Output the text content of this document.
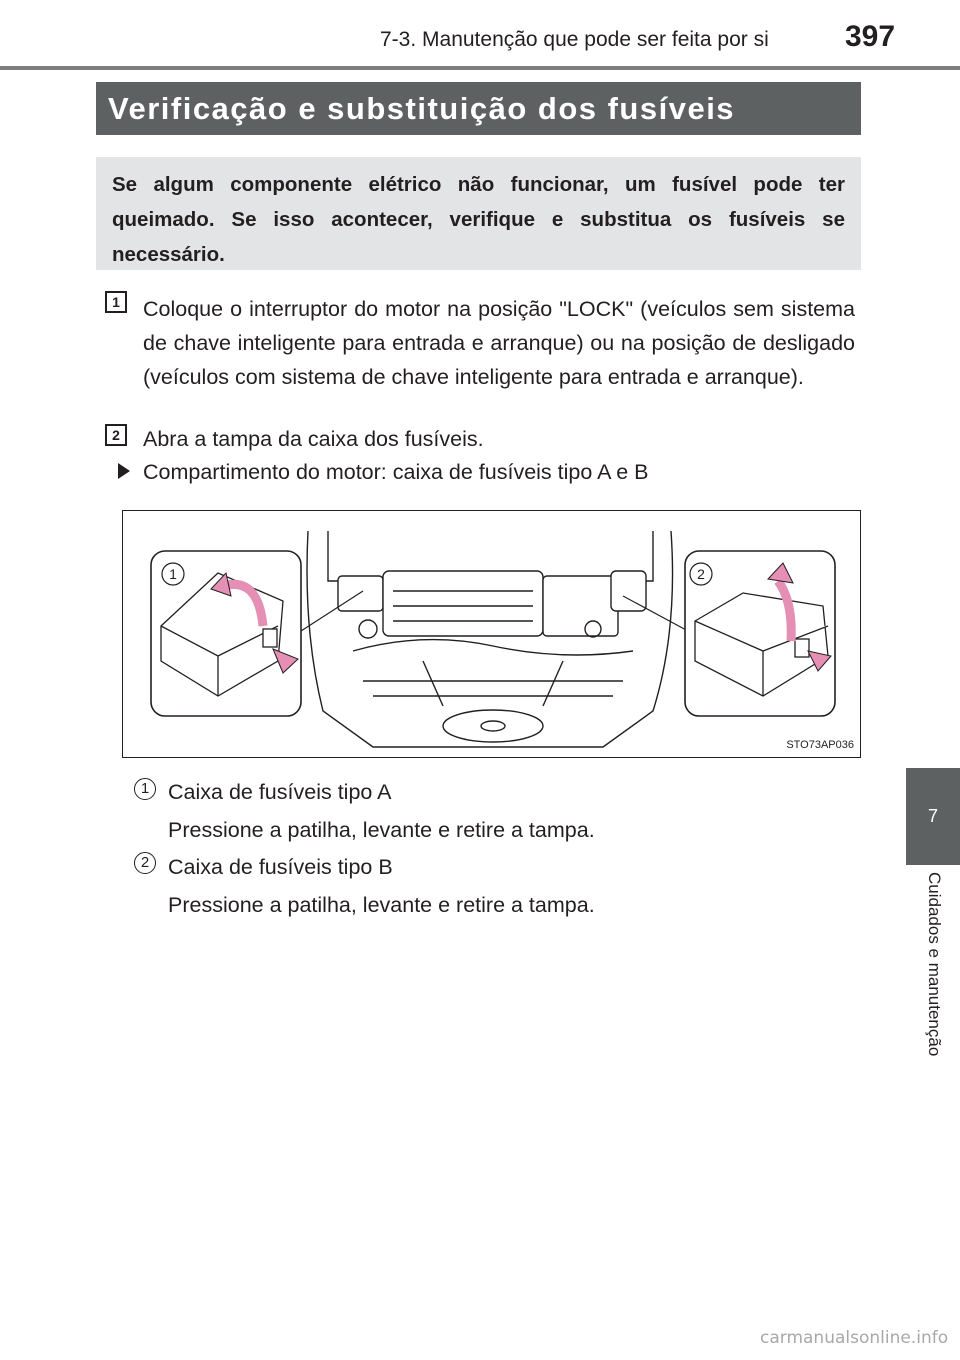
7-3. Manutenção que pode ser feita por si	397
Verificação e substituição dos fusíveis
Se algum componente elétrico não funcionar, um fusível pode ter queimado. Se isso acontecer, verifique e substitua os fusíveis se necessário.
1	Coloque o interruptor do motor na posição "LOCK" (veículos sem sistema de chave inteligente para entrada e arranque) ou na posição de desligado (veículos com sistema de chave inteligente para entrada e arranque).
2	Abra a tampa da caixa dos fusíveis.
Compartimento do motor: caixa de fusíveis tipo A e B
1	2
STO73AP036
1 Caixa de fusíveis tipo A
Pressione a patilha, levante e retire a tampa.
2 Caixa de fusíveis tipo B
Pressione a patilha, levante e retire a tampa.
7
Cuidados e manutenção
carmanualsonline.info
